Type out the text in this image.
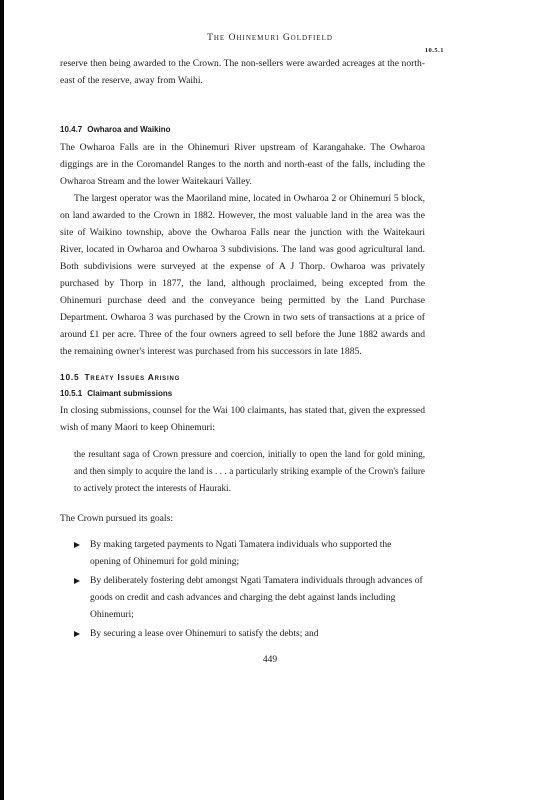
The Ohinemuri Goldfield
10.5.1

reserve then being awarded to the Crown. The non-sellers were awarded acreages at the north-east of the reserve, away from Waihi.

10.4.7 Owharoa and Waikino

The Owharoa Falls are in the Ohinemuri River upstream of Karangahake. The Owharoa diggings are in the Coromandel Ranges to the north and north-east of the falls, including the Owharoa Stream and the lower Waitekauri Valley.

The largest operator was the Maoriland mine, located in Owharoa 2 or Ohinemuri 5 block, on land awarded to the Crown in 1882. However, the most valuable land in the area was the site of Waikino township, above the Owharoa Falls near the junction with the Waitekauri River, located in Owharoa and Owharoa 3 subdivisions. The land was good agricultural land. Both subdivisions were surveyed at the expense of A J Thorp. Owharoa was privately purchased by Thorp in 1877, the land, although proclaimed, being excepted from the Ohinemuri purchase deed and the conveyance being permitted by the Land Purchase Department. Owharoa 3 was purchased by the Crown in two sets of transactions at a price of around £1 per acre. Three of the four owners agreed to sell before the June 1882 awards and the remaining owner's interest was purchased from his successors in late 1885.

10.5 Treaty Issues Arising
10.5.1 Claimant submissions

In closing submissions, counsel for the Wai 100 claimants, has stated that, given the expressed wish of many Maori to keep Ohinemuri:

the resultant saga of Crown pressure and coercion, initially to open the land for gold mining, and then simply to acquire the land is . . . a particularly striking example of the Crown's failure to actively protect the interests of Hauraki.

The Crown pursued its goals:

By making targeted payments to Ngati Tamatera individuals who supported the opening of Ohinemuri for gold mining;
By deliberately fostering debt amongst Ngati Tamatera individuals through advances of goods on credit and cash advances and charging the debt against lands including Ohinemuri;
By securing a lease over Ohinemuri to satisfy the debts; and
449
